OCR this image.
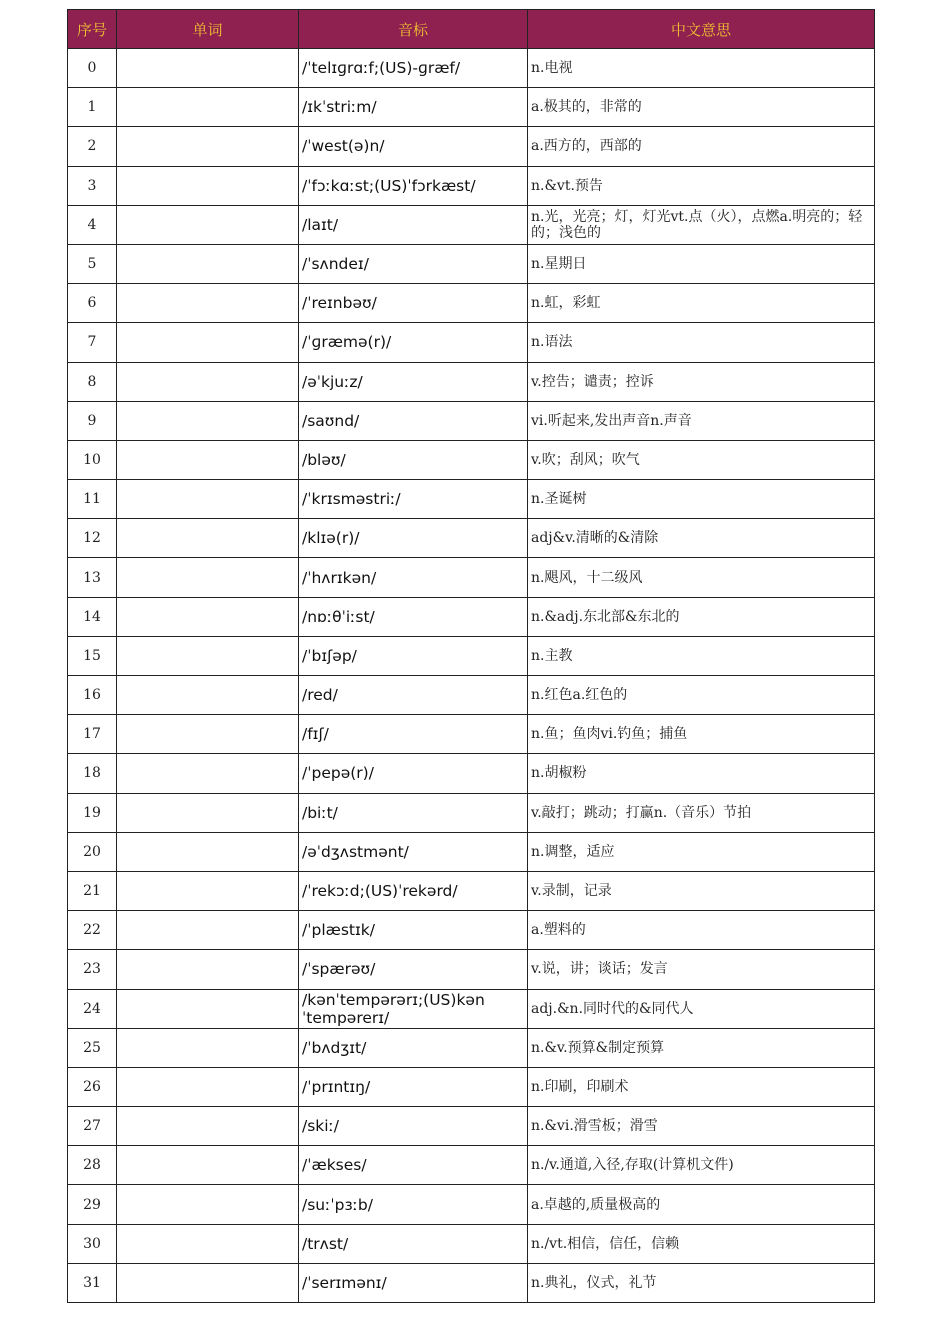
序号	单词	音标	中文意思
0		/ˈtelɪɡrɑːf;(US)-ɡræf/	n.电视
1		/ɪkˈstriːm/	a.极其的，非常的
2		/ˈwest(ə)n/	a.西方的，西部的
3		/ˈfɔːkɑːst;(US)ˈfɔrkæst/	n.&vt.预告
4		/laɪt/	n.光，光亮；灯，灯光vt.点（火），点燃a.明亮的；轻的；浅色的
5		/ˈsʌndeɪ/	n.星期日
6		/ˈreɪnbəʊ/	n.虹，彩虹
7		/ˈɡræmə(r)/	n.语法
8		/əˈkjuːz/	v.控告；谴责；控诉
9		/saʊnd/	vi.听起来,发出声音n.声音
10		/bləʊ/	v.吹；刮风；吹气
11		/ˈkrɪsməstriː/	n.圣诞树
12		/klɪə(r)/	adj&v.清晰的&清除
13		/ˈhʌrɪkən/	n.飓风，十二级风
14		/nɒːθˈiːst/	n.&adj.东北部&东北的
15		/ˈbɪʃəp/	n.主教
16		/red/	n.红色a.红色的
17		/fɪʃ/	n.鱼；鱼肉vi.钓鱼；捕鱼
18		/ˈpepə(r)/	n.胡椒粉
19		/biːt/	v.敲打；跳动；打赢n.（音乐）节拍
20		/əˈdʒʌstmənt/	n.调整，适应
21		/ˈrekɔːd;(US)ˈrekərd/	v.录制，记录
22		/ˈplæstɪk/	a.塑料的
23		/ˈspærəʊ/	v.说，讲；谈话；发言
24		/kənˈtempərərɪ;(US)kən ˈtempərerɪ/	adj.&n.同时代的&同代人
25		/ˈbʌdʒɪt/	n.&v.预算&制定预算
26		/ˈprɪntɪŋ/	n.印刷，印刷术
27		/skiː/	n.&vi.滑雪板；滑雪
28		/ˈækses/	n./v.通道,入径,存取(计算机文件)
29		/suːˈpɜːb/	a.卓越的,质量极高的
30		/trʌst/	n./vt.相信，信任，信赖
31		/ˈserɪmənɪ/	n.典礼，仪式，礼节
